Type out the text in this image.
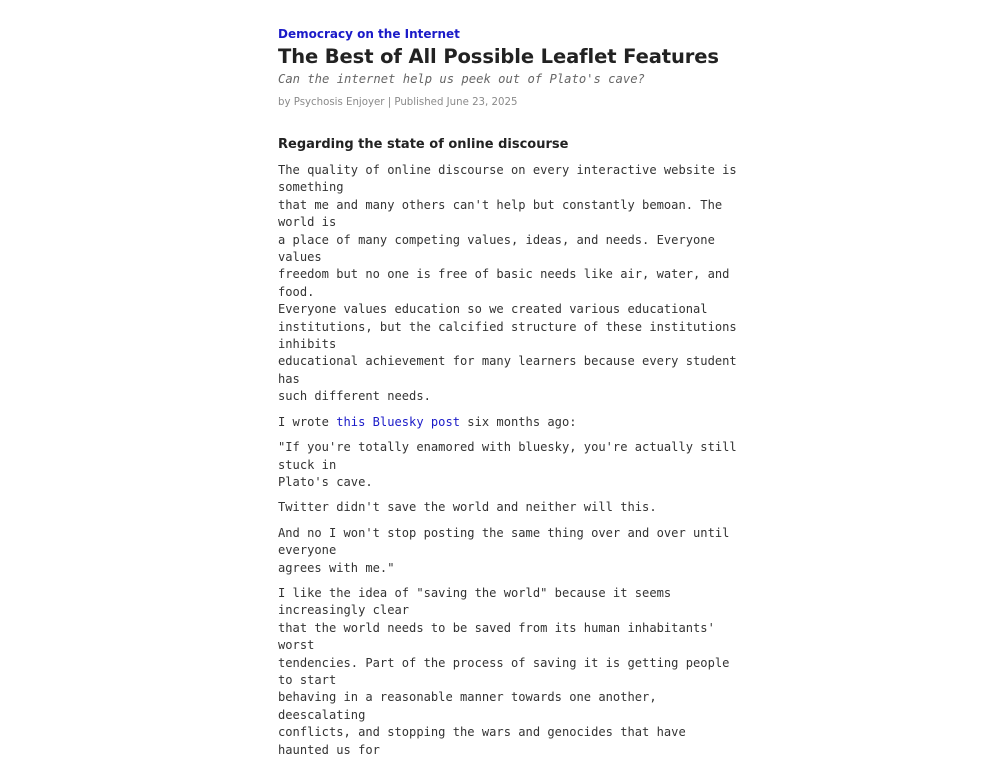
Democracy on the Internet
The Best of All Possible Leaflet Features
Can the internet help us peek out of Plato's cave?
by Psychosis Enjoyer | Published June 23, 2025
Regarding the state of online discourse

The quality of online discourse on every interactive website is something
that me and many others can't help but constantly bemoan. The world is
a place of many competing values, ideas, and needs. Everyone values
freedom but no one is free of basic needs like air, water, and food.
Everyone values education so we created various educational
institutions, but the calcified structure of these institutions inhibits
educational achievement for many learners because every student has
such different needs.

I wrote this Bluesky post six months ago:

"If you're totally enamored with bluesky, you're actually still stuck in
Plato's cave.

Twitter didn't save the world and neither will this.

And no I won't stop posting the same thing over and over until everyone
agrees with me."

I like the idea of "saving the world" because it seems increasingly clear
that the world needs to be saved from its human inhabitants' worst
tendencies. Part of the process of saving it is getting people to start
behaving in a reasonable manner towards one another, deescalating
conflicts, and stopping the wars and genocides that have haunted us for
